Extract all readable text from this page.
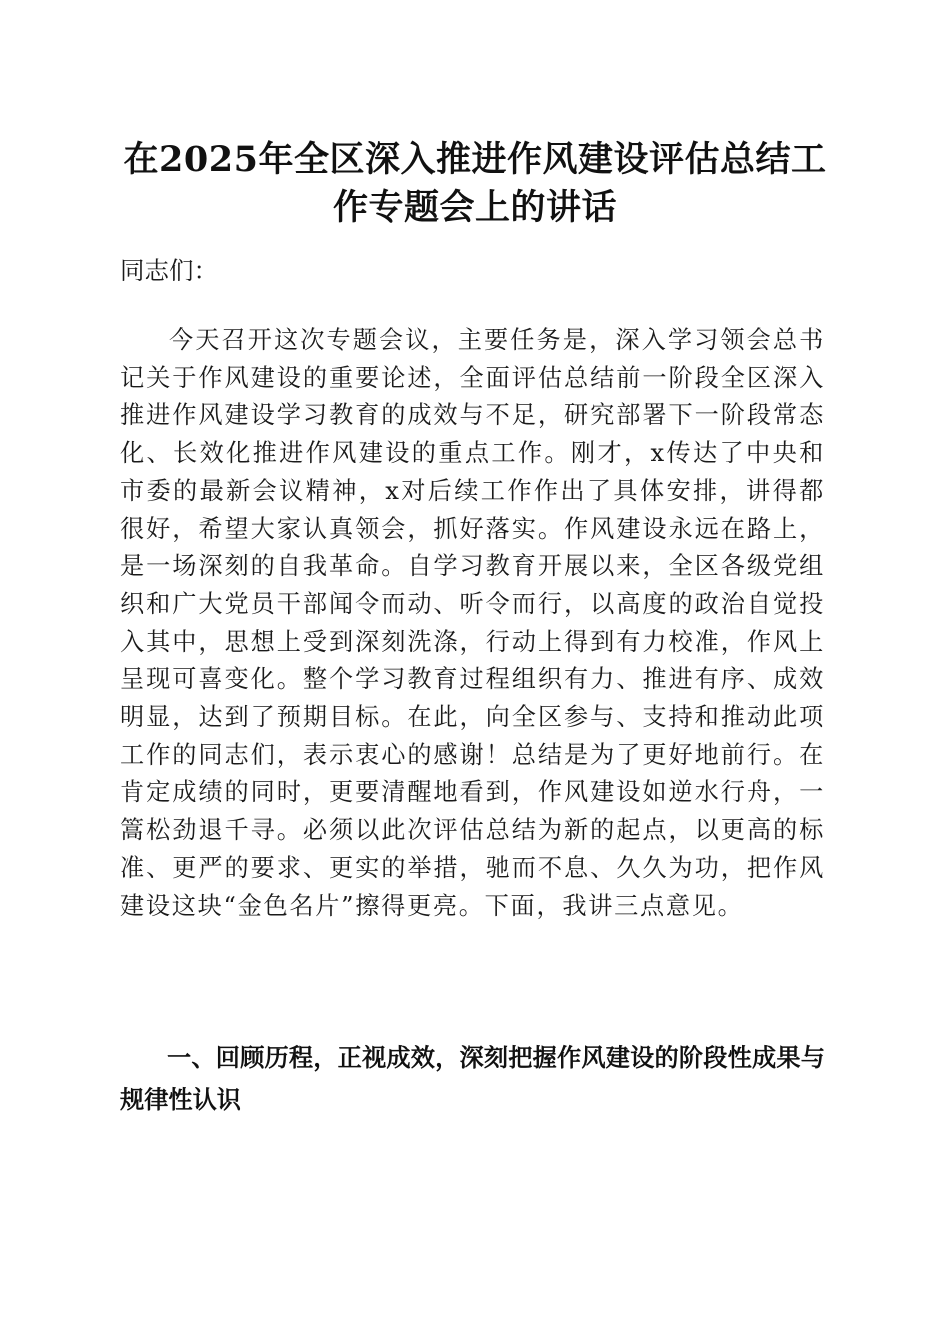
在2025年全区深入推进作风建设评估总结工作专题会上的讲话

同志们：

今天召开这次专题会议，主要任务是，深入学习领会总书记关于作风建设的重要论述，全面评估总结前一阶段全区深入推进作风建设学习教育的成效与不足，研究部署下一阶段常态化、长效化推进作风建设的重点工作。刚才，x传达了中央和市委的最新会议精神，x对后续工作作出了具体安排，讲得都很好，希望大家认真领会，抓好落实。作风建设永远在路上，是一场深刻的自我革命。自学习教育开展以来，全区各级党组织和广大党员干部闻令而动、听令而行，以高度的政治自觉投入其中，思想上受到深刻洗涤，行动上得到有力校准，作风上呈现可喜变化。整个学习教育过程组织有力、推进有序、成效明显，达到了预期目标。在此，向全区参与、支持和推动此项工作的同志们，表示衷心的感谢！总结是为了更好地前行。在肯定成绩的同时，更要清醒地看到，作风建设如逆水行舟，一篙松劲退千寻。必须以此次评估总结为新的起点，以更高的标准、更严的要求、更实的举措，驰而不息、久久为功，把作风建设这块“金色名片”擦得更亮。下面，我讲三点意见。

一、回顾历程，正视成效，深刻把握作风建设的阶段性成果与规律性认识
